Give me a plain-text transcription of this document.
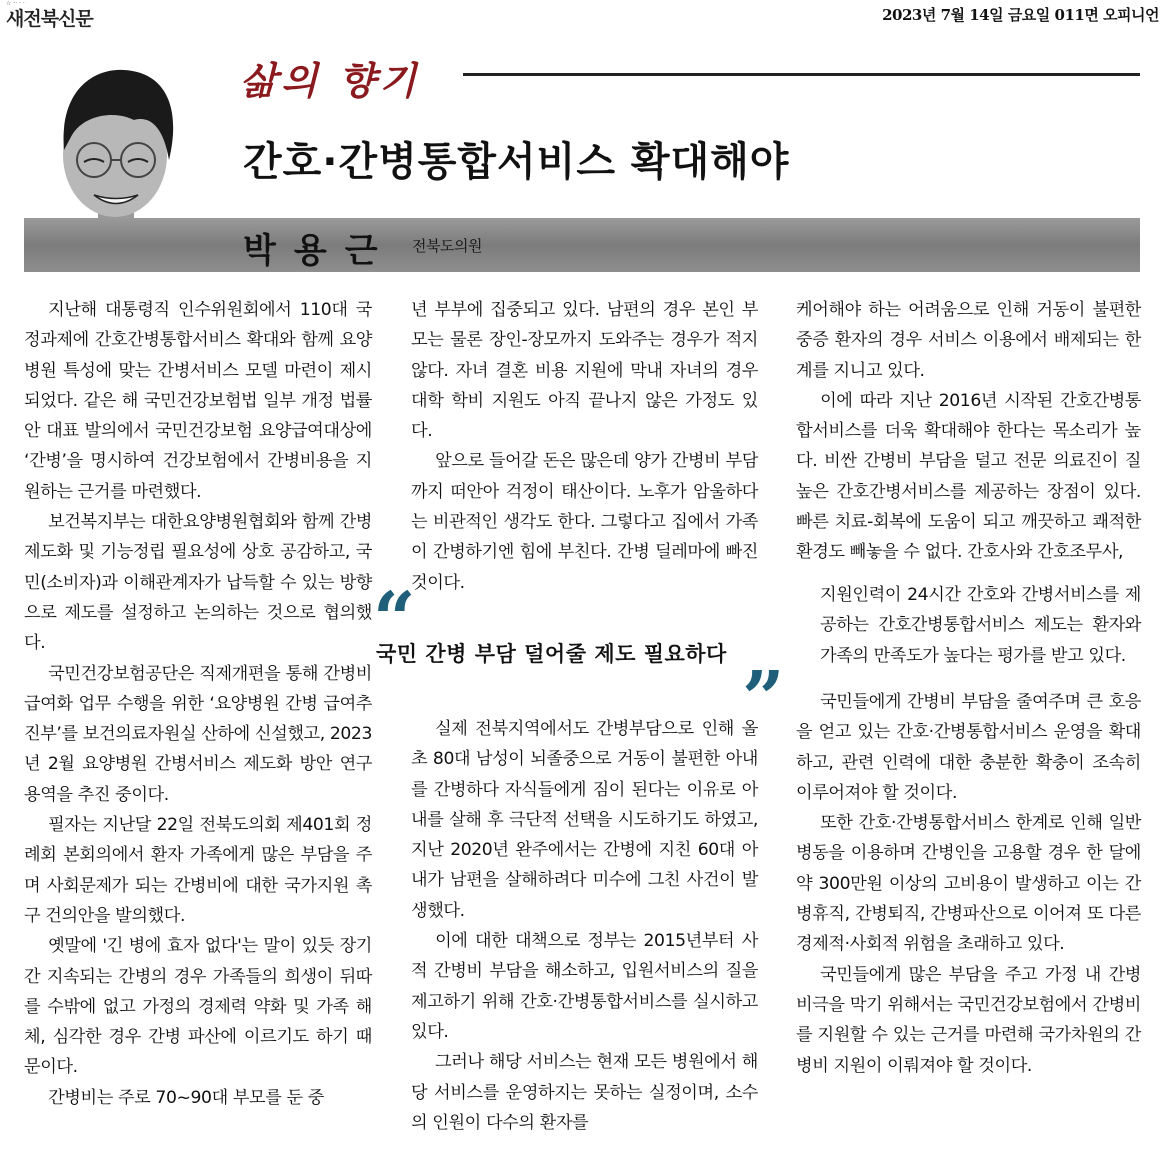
☆ ·· · ·
새전북신문	2023년 7월 14일 금요일 011면 오피니언
삶의 향기
간호·간병통합서비스 확대해야
박용근 전북도의원

지난해 대통령직 인수위원회에서 110대 국정과제에 간호간병통합서비스 확대와 함께 요양병원 특성에 맞는 간병서비스 모델 마련이 제시되었다. 같은 해 국민건강보험법 일부 개정 법률안 대표 발의에서 국민건강보험 요양급여대상에 ‘간병’을 명시하여 건강보험에서 간병비용을 지원하는 근거를 마련했다.

보건복지부는 대한요양병원협회와 함께 간병제도화 및 기능정립 필요성에 상호 공감하고, 국민(소비자)과 이해관계자가 납득할 수 있는 방향으로 제도를 설정하고 논의하는 것으로 협의했다.

국민건강보험공단은 직제개편을 통해 간병비 급여화 업무 수행을 위한 ‘요양병원 간병 급여추진부’를 보건의료자원실 산하에 신설했고, 2023년 2월 요양병원 간병서비스 제도화 방안 연구 용역을 추진 중이다.

필자는 지난달 22일 전북도의회 제401회 정례회 본회의에서 환자 가족에게 많은 부담을 주며 사회문제가 되는 간병비에 대한 국가지원 촉구 건의안을 발의했다.

옛말에 '긴 병에 효자 없다'는 말이 있듯 장기간 지속되는 간병의 경우 가족들의 희생이 뒤따를 수밖에 없고 가정의 경제력 약화 및 가족 해체, 심각한 경우 간병 파산에 이르기도 하기 때문이다.

간병비는 주로 70~90대 부모를 둔 중

년 부부에 집중되고 있다. 남편의 경우 본인 부모는 물론 장인-장모까지 도와주는 경우가 적지 않다. 자녀 결혼 비용 지원에 막내 자녀의 경우 대학 학비 지원도 아직 끝나지 않은 가정도 있다.

앞으로 들어갈 돈은 많은데 양가 간병비 부담까지 떠안아 걱정이 태산이다. 노후가 암울하다는 비관적인 생각도 한다. 그렇다고 집에서 가족이 간병하기엔 힘에 부친다. 간병 딜레마에 빠진 것이다.

“
국민 간병 부담 덜어줄 제도 필요하다
”

실제 전북지역에서도 간병부담으로 인해 올 초 80대 남성이 뇌졸중으로 거동이 불편한 아내를 간병하다 자식들에게 짐이 된다는 이유로 아내를 살해 후 극단적 선택을 시도하기도 하였고, 지난 2020년 완주에서는 간병에 지친 60대 아내가 남편을 살해하려다 미수에 그친 사건이 발생했다.

이에 대한 대책으로 정부는 2015년부터 사적 간병비 부담을 해소하고, 입원서비스의 질을 제고하기 위해 간호·간병통합서비스를 실시하고 있다.

그러나 해당 서비스는 현재 모든 병원에서 해당 서비스를 운영하지는 못하는 실정이며, 소수의 인원이 다수의 환자를

케어해야 하는 어려움으로 인해 거동이 불편한 중증 환자의 경우 서비스 이용에서 배제되는 한계를 지니고 있다.

이에 따라 지난 2016년 시작된 간호간병통합서비스를 더욱 확대해야 한다는 목소리가 높다. 비싼 간병비 부담을 덜고 전문 의료진이 질 높은 간호간병서비스를 제공하는 장점이 있다. 빠른 치료-회복에 도움이 되고 깨끗하고 쾌적한 환경도 빼놓을 수 없다. 간호사와 간호조무사,

지원인력이 24시간 간호와 간병서비스를 제공하는 간호간병통합서비스 제도는 환자와 가족의 만족도가 높다는 평가를 받고 있다.

국민들에게 간병비 부담을 줄여주며 큰 호응을 얻고 있는 간호·간병통합서비스 운영을 확대하고, 관련 인력에 대한 충분한 확충이 조속히 이루어져야 할 것이다.

또한 간호·간병통합서비스 한계로 인해 일반병동을 이용하며 간병인을 고용할 경우 한 달에 약 300만원 이상의 고비용이 발생하고 이는 간병휴직, 간병퇴직, 간병파산으로 이어져 또 다른 경제적·사회적 위험을 초래하고 있다.

국민들에게 많은 부담을 주고 가정 내 간병비극을 막기 위해서는 국민건강보험에서 간병비를 지원할 수 있는 근거를 마련해 국가차원의 간병비 지원이 이뤄져야 할 것이다.
